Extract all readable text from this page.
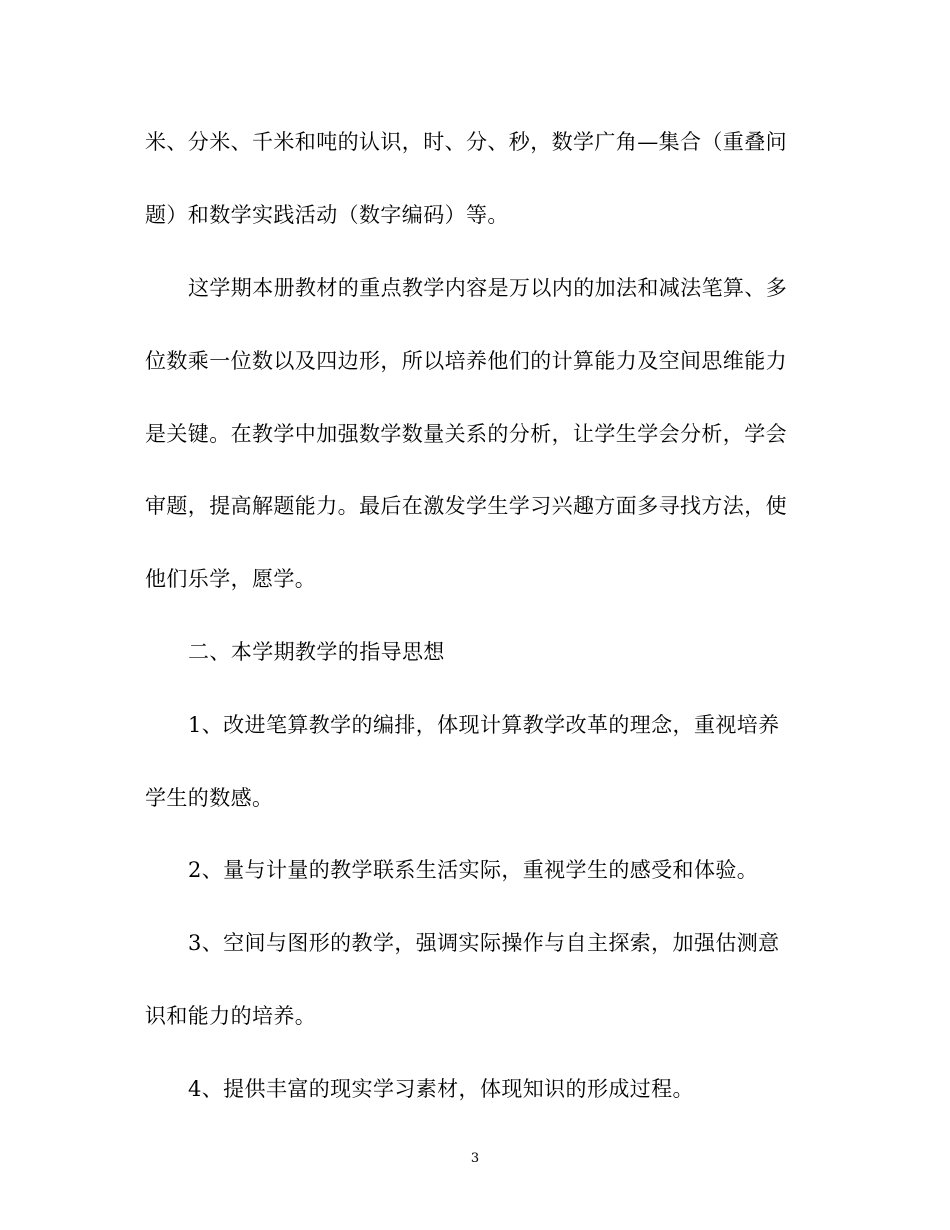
米、分米、千米和吨的认识，时、分、秒，数学广角—集合（重叠问
题）和数学实践活动（数字编码）等。
这学期本册教材的重点教学内容是万以内的加法和减法笔算、多
位数乘一位数以及四边形，所以培养他们的计算能力及空间思维能力
是关键。在教学中加强数学数量关系的分析，让学生学会分析，学会
审题，提高解题能力。最后在激发学生学习兴趣方面多寻找方法，使
他们乐学，愿学。
二、本学期教学的指导思想
1、改进笔算教学的编排，体现计算教学改革的理念，重视培养
学生的数感。
2、量与计量的教学联系生活实际，重视学生的感受和体验。
3、空间与图形的教学，强调实际操作与自主探索，加强估测意
识和能力的培养。
4、提供丰富的现实学习素材，体现知识的形成过程。
3
